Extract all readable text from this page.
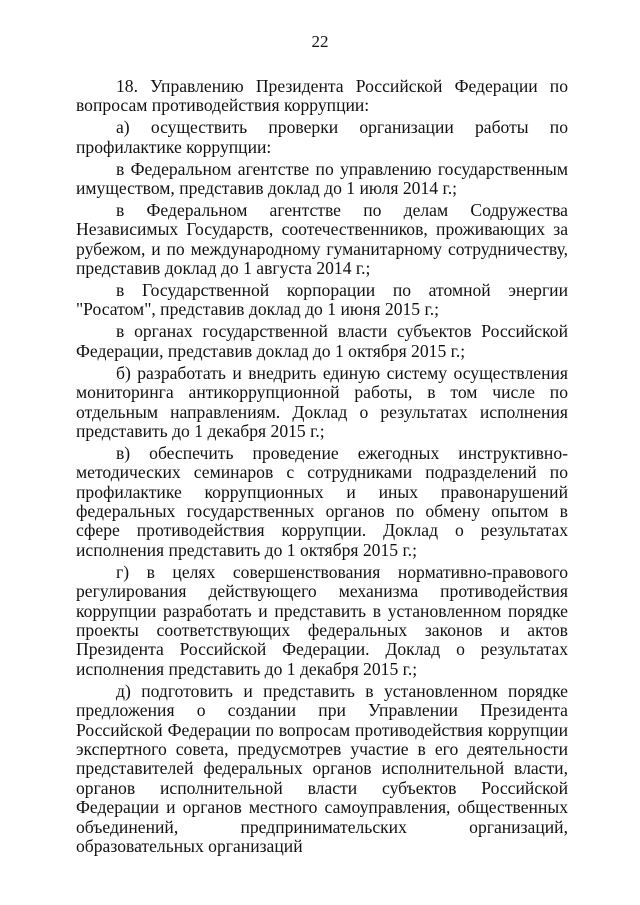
22

18. Управлению Президента Российской Федерации по вопросам противодействия коррупции:

а) осуществить проверки организации работы по профилактике коррупции:

в Федеральном агентстве по управлению государственным имуществом, представив доклад до 1 июля 2014 г.;

в Федеральном агентстве по делам Содружества Независимых Государств, соотечественников, проживающих за рубежом, и по международному гуманитарному сотрудничеству, представив доклад до 1 августа 2014 г.;

в Государственной корпорации по атомной энергии "Росатом", представив доклад до 1 июня 2015 г.;

в органах государственной власти субъектов Российской Федерации, представив доклад до 1 октября 2015 г.;

б) разработать и внедрить единую систему осуществления мониторинга антикоррупционной работы, в том числе по отдельным направлениям. Доклад о результатах исполнения представить до 1 декабря 2015 г.;

в) обеспечить проведение ежегодных инструктивно-методических семинаров с сотрудниками подразделений по профилактике коррупционных и иных правонарушений федеральных государственных органов по обмену опытом в сфере противодействия коррупции. Доклад о результатах исполнения представить до 1 октября 2015 г.;

г) в целях совершенствования нормативно-правового регулирования действующего механизма противодействия коррупции разработать и представить в установленном порядке проекты соответствующих федеральных законов и актов Президента Российской Федерации. Доклад о результатах исполнения представить до 1 декабря 2015 г.;

д) подготовить и представить в установленном порядке предложения о создании при Управлении Президента Российской Федерации по вопросам противодействия коррупции экспертного совета, предусмотрев участие в его деятельности представителей федеральных органов исполнительной власти, органов исполнительной власти субъектов Российской Федерации и органов местного самоуправления, общественных объединений, предпринимательских организаций, образовательных организаций
